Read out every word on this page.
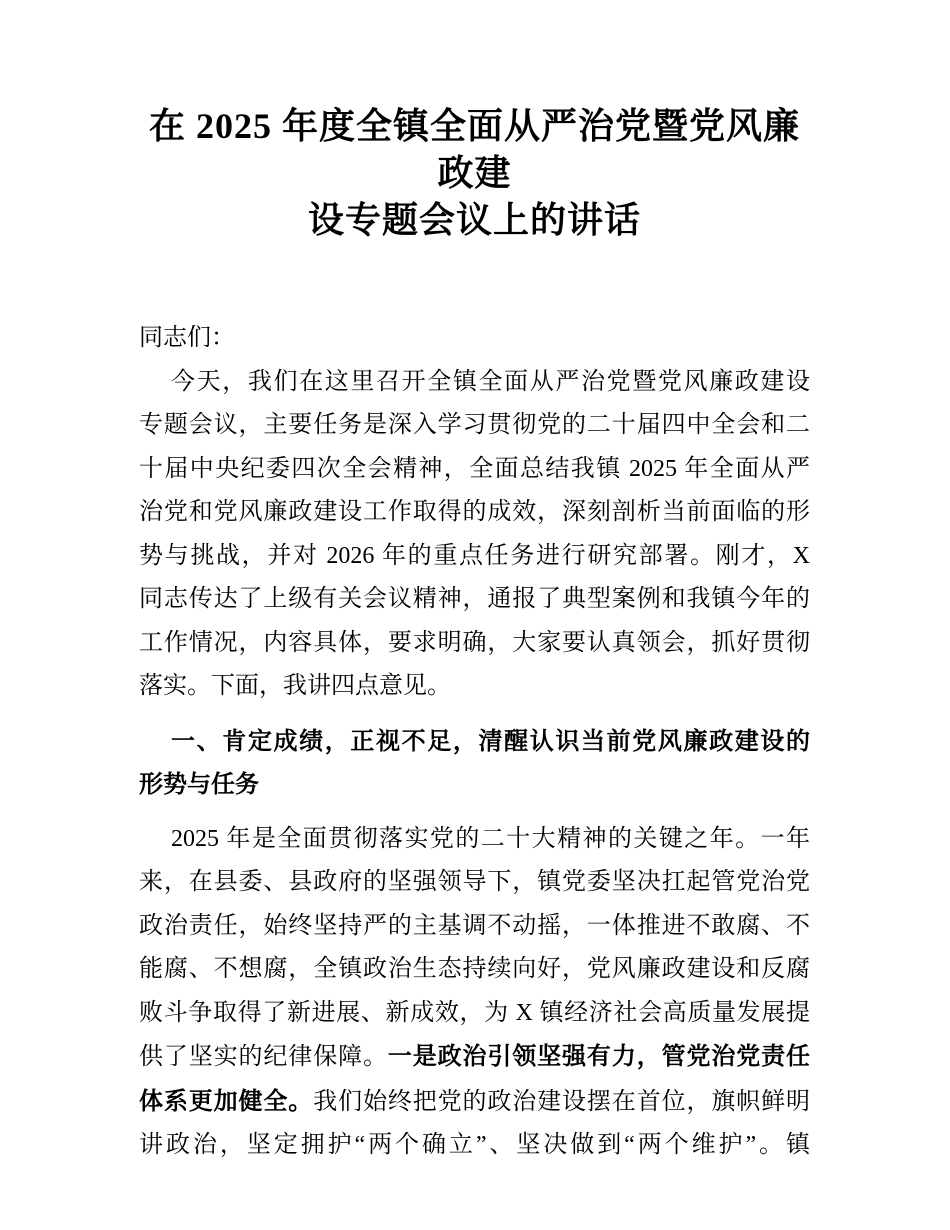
在 2025 年度全镇全面从严治党暨党风廉政建
设专题会议上的讲话
同志们：
今天，我们在这里召开全镇全面从严治党暨党风廉政建设
专题会议，主要任务是深入学习贯彻党的二十届四中全会和二
十届中央纪委四次全会精神，全面总结我镇 2025 年全面从严
治党和党风廉政建设工作取得的成效，深刻剖析当前面临的形
势与挑战，并对 2026 年的重点任务进行研究部署。刚才，X
同志传达了上级有关会议精神，通报了典型案例和我镇今年的
工作情况，内容具体，要求明确，大家要认真领会，抓好贯彻
落实。下面，我讲四点意见。
一、肯定成绩，正视不足，清醒认识当前党风廉政建设的
形势与任务
2025 年是全面贯彻落实党的二十大精神的关键之年。一年
来，在县委、县政府的坚强领导下，镇党委坚决扛起管党治党
政治责任，始终坚持严的主基调不动摇，一体推进不敢腐、不
能腐、不想腐，全镇政治生态持续向好，党风廉政建设和反腐
败斗争取得了新进展、新成效，为 X 镇经济社会高质量发展提
供了坚实的纪律保障。一是政治引领坚强有力，管党治党责任
体系更加健全。我们始终把党的政治建设摆在首位，旗帜鲜明
讲政治，坚定拥护“两个确立”、坚决做到“两个维护”。镇
